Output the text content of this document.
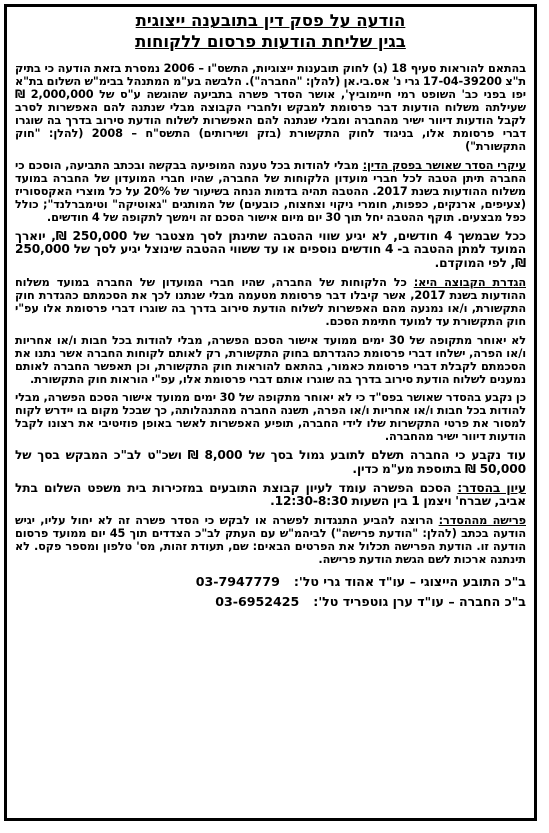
הודעה על פסק דין בתובענה ייצוגית
בגין שליחת הודעות פרסום ללקוחות

בהתאם להוראות סעיף 18 (ג) לחוק תובענות ייצוגיות, התשס"ו – 2006 נמסרת בזאת הודעה כי בתיק ת"צ 17-04-39200 גרי נ' אס.בי.אן (להלן: "החברה"). הלבשה בע"מ המתנהל בבימ"ש השלום בת"א יפו בפני כב' השופט רמי חיימוביץ', אושר הסדר פשרה בתביעה שהוגשה ע"ס של 2,000,000 ₪ שעילתה משלוח הודעות דבר פרסומת למבקש ולחברי הקבוצה מבלי שנתנה להם האפשרות לסרב לקבל הודעות דיוור ישיר מהחברה ומבלי שנתנה להם האפשרות לשלוח הודעת סירוב בדרך בה שוגרו דברי פרסומת אלו, בניגוד לחוק התקשורת (בזק ושירותים) התשס"ח – 2008 (להלן: "חוק התקשורת")

עיקרי הסדר שאושר בפסק הדין: מבלי להודות בכל טענה המופיעה בבקשה ובכתב התביעה, הוסכם כי החברה תיתן הטבה לכל חברי מועדון הלקוחות של החברה, שהיו חברי המועדון של החברה במועד משלוח ההודעות בשנת 2017. ההטבה תהיה בדמות הנחה בשיעור של 20% על כל מוצרי האקססוריז (צעיפים, ארנקים, כפפות, חומרי ניקוי וצחצוח, כובעים) של המותגים "גאוטיקה" וטימברלנד"; כולל כפל מבצעים. תוקף ההטבה יחל תוך 30 יום מיום אישור הסכם זה וימשך לתקופה של 4 חודשים.

ככל שבמשך 4 חודשים, לא יגיע שווי ההטבה שתינתן לסך מצטבר של 250,000 ₪, יוארך המועד למתן ההטבה ב- 4 חודשים נוספים או עד ששווי ההטבה שינוצל יגיע לסך של 250,000 ₪, לפי המוקדם.

הגדרת הקבוצה היא: כל הלקוחות של החברה, שהיו חברי המועדון של החברה במועד משלוח ההודעות בשנת 2017, אשר קיבלו דבר פרסומת מטעמה מבלי שנתנו לכך את הסכמתם כהגדרת חוק התקשורת, ו/או נמנעה מהם האפשרות לשלוח הודעת סירוב בדרך בה שוגרו דברי פרסומת אלו עפ"י חוק התקשורת עד למועד חתימת הסכם.

לא יאוחר מתקופה של 30 ימים ממועד אישור הסכם הפשרה, מבלי להודות בכל חבות ו/או אחריות ו/או הפרה, ישלחו דברי פרסומת כהגדרתם בחוק התקשורת, רק לאותם לקוחות החברה אשר נתנו את הסכמתם לקבלת דברי פרסומת כאמור, בהתאם להוראות חוק התקשורת, וכן תאפשר החברה לאותם נמענים לשלוח הודעת סירוב בדרך בה שוגרו אותם דברי פרסומת אלו, עפ"י הוראות חוק התקשורת.

כן נקבע בהסדר שאושר בפס"ד כי לא יאוחר מתקופה של 30 ימים ממועד אישור הסכם הפשרה, מבלי להודות בכל חבות ו/או אחריות ו/או הפרה, תשנה החברה מהתנהלותה, כך שבכל מקום בו יידרש לקוח למסור את פרטי התקשרות שלו לידי החברה, תופיע האפשרות לאשר באופן פוזיטיבי את רצונו לקבל הודעות דיוור ישיר מהחברה.

עוד נקבע כי החברה תשלם לתובע גמול בסך של 8,000 ₪ ושכ"ט לב"כ המבקש בסך של 50,000 ₪ בתוספת מע"מ כדין.

עיון בהסדר: הסכם הפשרה עומד לעיון קבוצת התובעים במזכירות בית משפט השלום בתל אביב, שברח' ויצמן 1 בין השעות 12:30-8:30.

פרישה מההסדר: הרוצה להביע התנגדות לפשרה או לבקש כי הסדר פשרה זה לא יחול עליו, יגיש הודעה בכתב (להלן: "הודעת פרישה") לביהמ"ש עם העתק לב"כ הצדדים תוך 45 יום ממועד פרסום הודעה זו. הודעת הפרישה תכלול את הפרטים הבאים: שם, תעודת זהות, מס' טלפון ומספר פקס. לא תינתנה ארכות לשם הגשת הודעת פרישה.

ב"כ התובע הייצוגי – עו"ד אהוד גרי טל':
03-7947779
ב"כ החברה – עו"ד ערן גוטפריד טל':
03-6952425
